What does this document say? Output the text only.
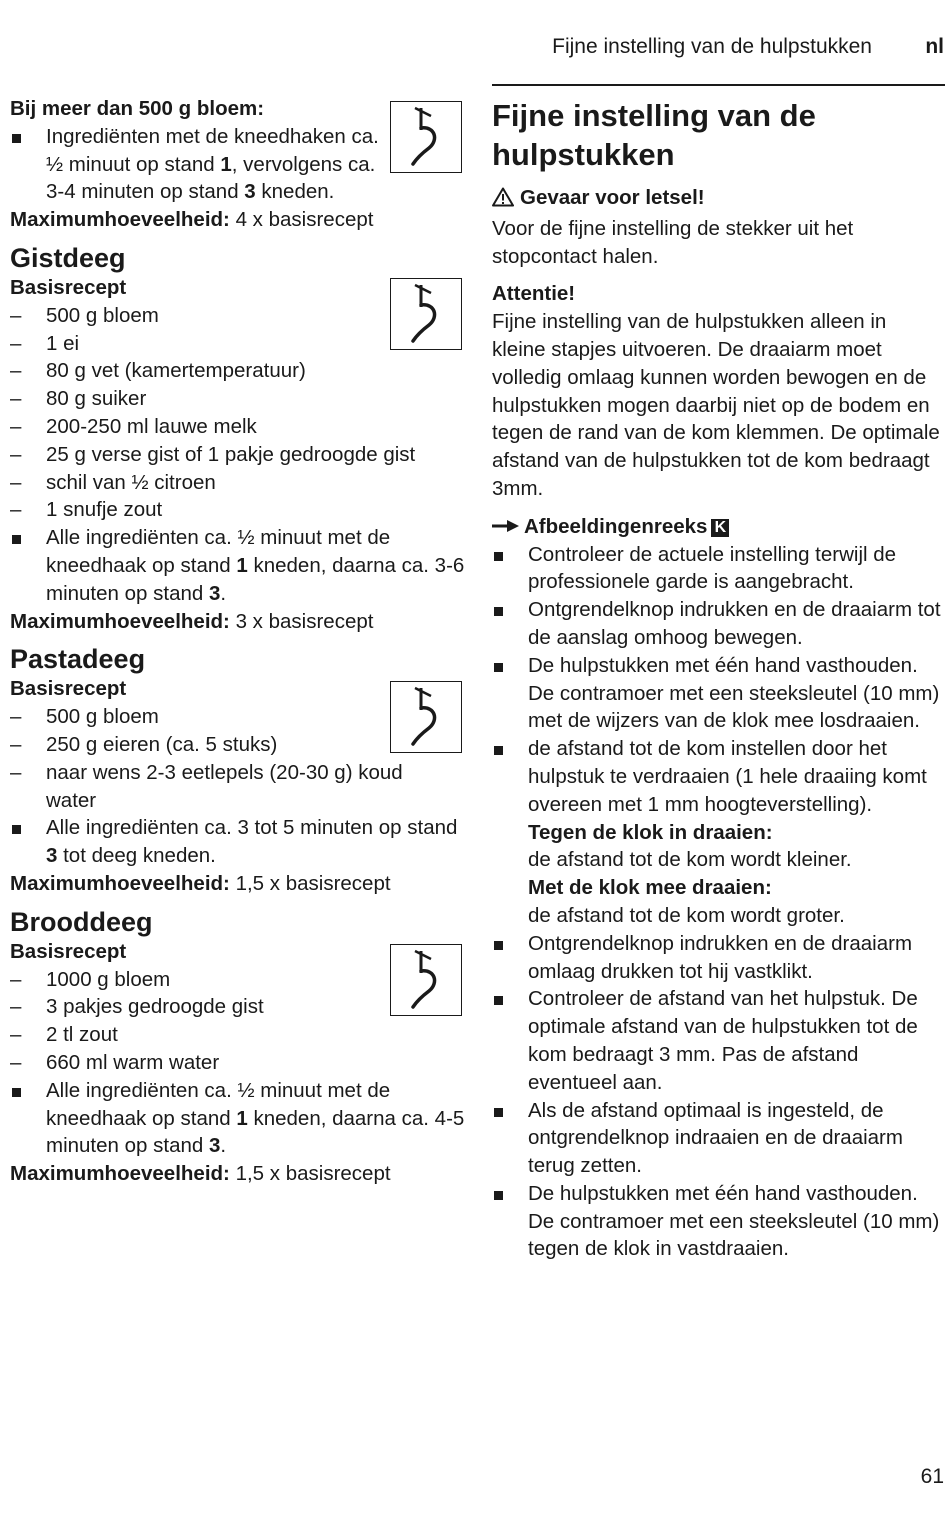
Fijne instelling van de hulpstukken	nl
Bij meer dan 500 g bloem:
Ingrediënten met de kneedhaken ca. ½ minuut op stand 1, vervolgens ca. 3-4 minuten op stand 3 kneden.
Maximumhoeveelheid: 4 x basisrecept
Gistdeeg
Basisrecept
–	500 g bloem
–	1 ei
–	80 g vet (kamertemperatuur)
–	80 g suiker
–	200-250 ml lauwe melk
–	25 g verse gist of 1 pakje gedroogde gist
–	schil van ½ citroen
–	1 snufje zout
Alle ingrediënten ca. ½ minuut met de kneedhaak op stand 1 kneden, daarna ca. 3-6 minuten op stand 3.
Maximumhoeveelheid: 3 x basisrecept
Pastadeeg
Basisrecept
–	500 g bloem
–	250 g eieren (ca. 5 stuks)
–	naar wens 2-3 eetlepels (20-30 g) koud water
Alle ingrediënten ca. 3 tot 5 minuten op stand 3 tot deeg kneden.
Maximumhoeveelheid: 1,5 x basisrecept
Brooddeeg
Basisrecept
–	1000 g bloem
–	3 pakjes gedroogde gist
–	2 tl zout
–	660 ml warm water
Alle ingrediënten ca. ½ minuut met de kneedhaak op stand 1 kneden, daarna ca. 4-5 minuten op stand 3.
Maximumhoeveelheid: 1,5 x basisrecept
Fijne instelling van de hulpstukken
Gevaar voor letsel!
Voor de fijne instelling de stekker uit het stopcontact halen.
Attentie!
Fijne instelling van de hulpstukken alleen in kleine stapjes uitvoeren. De draaiarm moet volledig omlaag kunnen worden bewogen en de hulpstukken mogen daarbij niet op de bodem en tegen de rand van de kom klemmen. De optimale afstand van de hulpstukken tot de kom bedraagt 3mm.
Afbeeldingenreeks K
Controleer de actuele instelling terwijl de professionele garde is aangebracht.
Ontgrendelknop indrukken en de draaiarm tot de aanslag omhoog bewegen.
De hulpstukken met één hand vasthouden. De contramoer met een steeksleutel (10 mm) met de wijzers van de klok mee losdraaien.
de afstand tot de kom instellen door het hulpstuk te verdraaien (1 hele draaiing komt overeen met 1 mm hoogteverstelling).
Tegen de klok in draaien:
de afstand tot de kom wordt kleiner.
Met de klok mee draaien:
de afstand tot de kom wordt groter.
Ontgrendelknop indrukken en de draaiarm omlaag drukken tot hij vastklikt.
Controleer de afstand van het hulpstuk. De optimale afstand van de hulpstukken tot de kom bedraagt 3 mm. Pas de afstand eventueel aan.
Als de afstand optimaal is ingesteld, de ontgrendelknop indraaien en de draaiarm terug zetten.
De hulpstukken met één hand vasthouden. De contramoer met een steeksleutel (10 mm) tegen de klok in vastdraaien.
61
